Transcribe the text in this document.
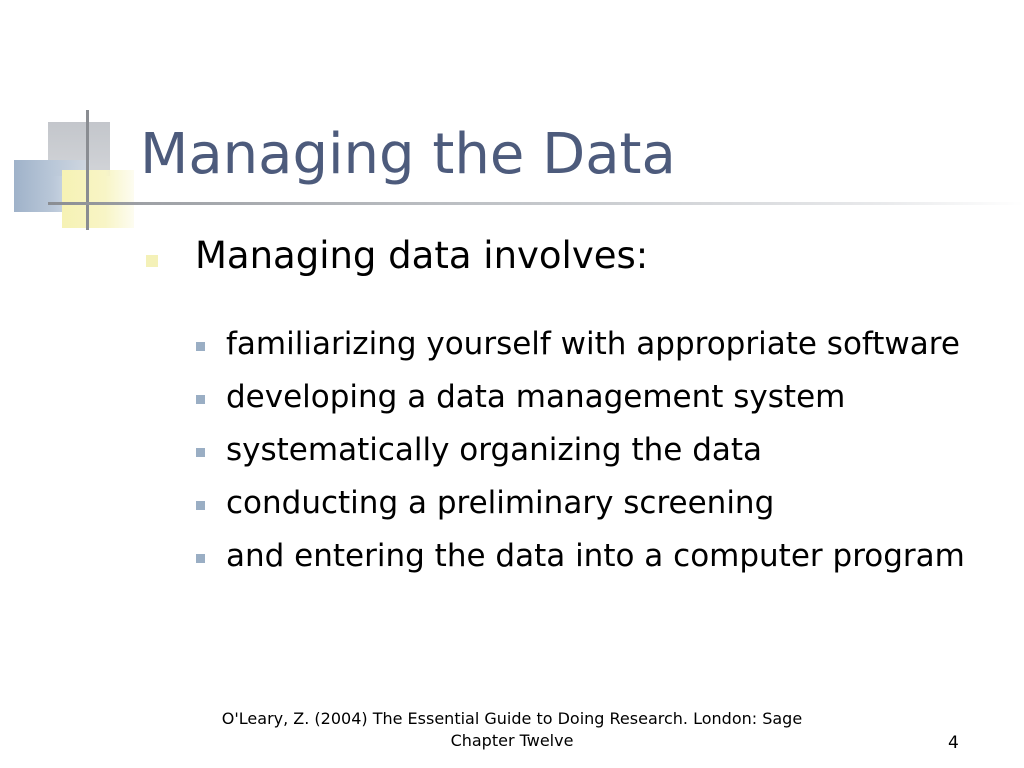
Managing the Data
Managing data involves:
familiarizing yourself with appropriate software
developing a data management system
systematically organizing the data
conducting a preliminary screening
and entering the data into a computer program
O'Leary, Z. (2004) The Essential Guide to Doing Research. London: Sage
Chapter Twelve	4
